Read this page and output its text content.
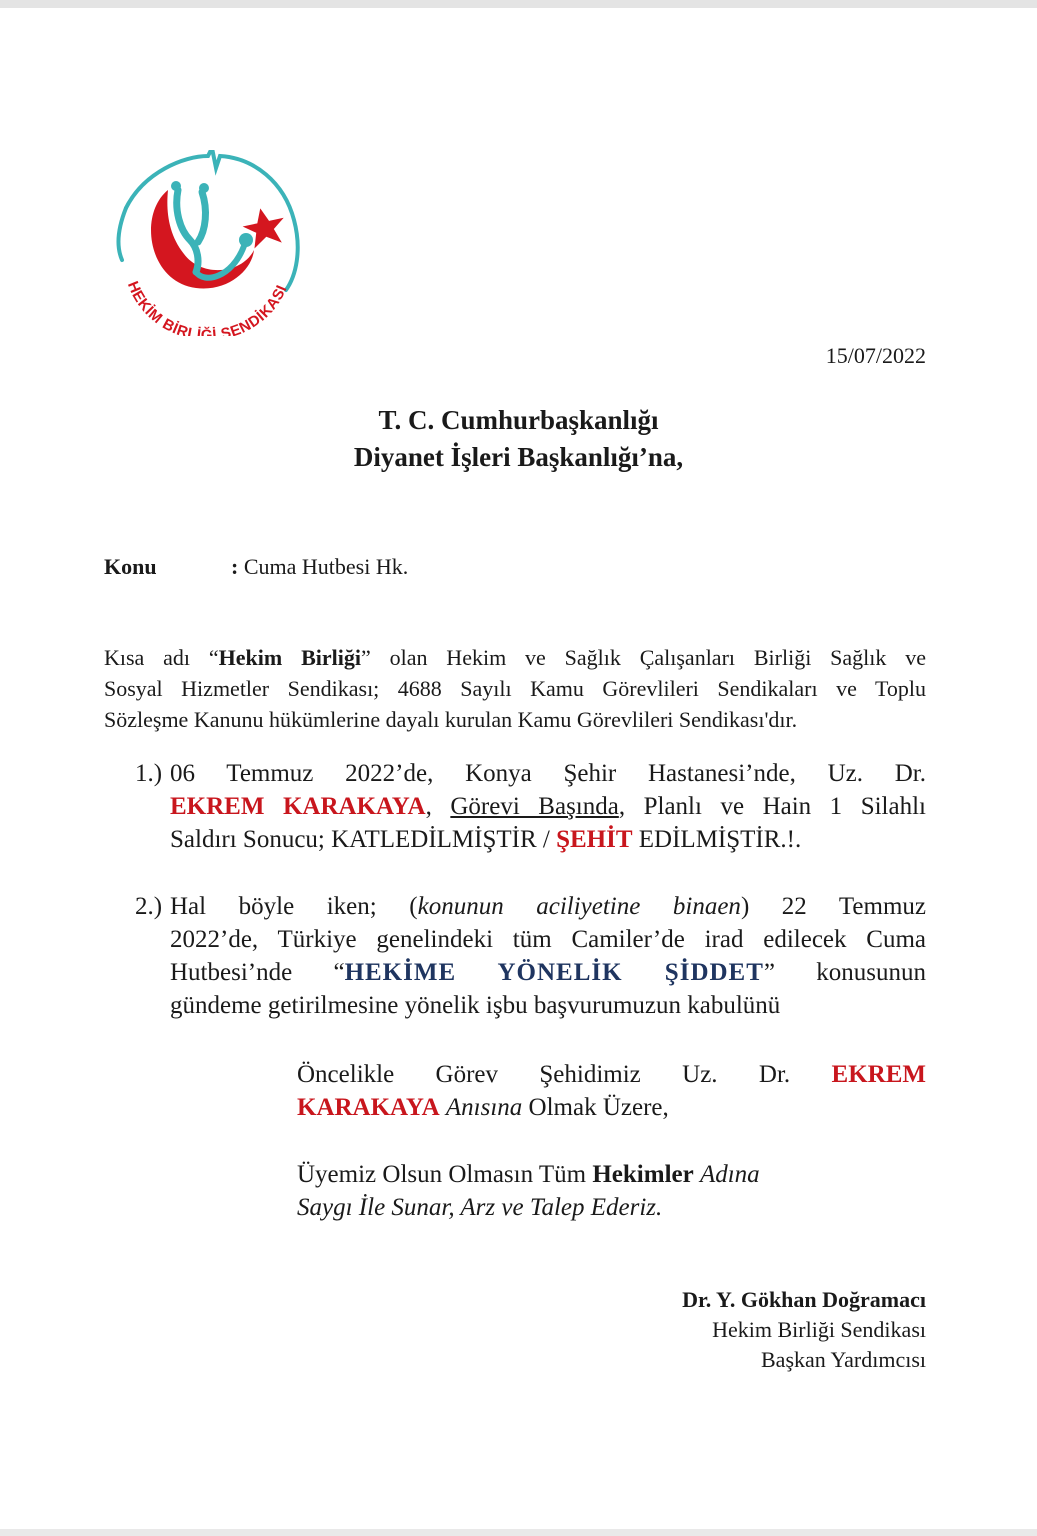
HEKİM BİRLİĞİ SENDİKASI
15/07/2022
T. C. Cumhurbaşkanlığı
Diyanet İşleri Başkanlığı’na,
Konu	: Cuma Hutbesi Hk.
Kısa adı “Hekim Birliği” olan Hekim ve Sağlık Çalışanları Birliği Sağlık ve
Sosyal Hizmetler Sendikası; 4688 Sayılı Kamu Görevlileri Sendikaları ve Toplu
Sözleşme Kanunu hükümlerine dayalı kurulan Kamu Görevlileri Sendikası'dır.
1.) 06 Temmuz 2022’de, Konya Şehir Hastanesi’nde, Uz. Dr.
EKREM KARAKAYA, Görevi Başında, Planlı ve Hain 1 Silahlı
Saldırı Sonucu; KATLEDİLMİŞTİR / ŞEHİT EDİLMİŞTİR.!.
2.) Hal böyle iken; (konunun aciliyetine binaen) 22 Temmuz
2022’de, Türkiye genelindeki tüm Camiler’de irad edilecek Cuma
Hutbesi’nde “HEKİME YÖNELİK ŞİDDET” konusunun
gündeme getirilmesine yönelik işbu başvurumuzun kabulünü
Öncelikle Görev Şehidimiz Uz. Dr. EKREM
KARAKAYA Anısına Olmak Üzere,
Üyemiz Olsun Olmasın Tüm Hekimler Adına
Saygı İle Sunar, Arz ve Talep Ederiz.
Dr. Y. Gökhan Doğramacı
Hekim Birliği Sendikası
Başkan Yardımcısı
